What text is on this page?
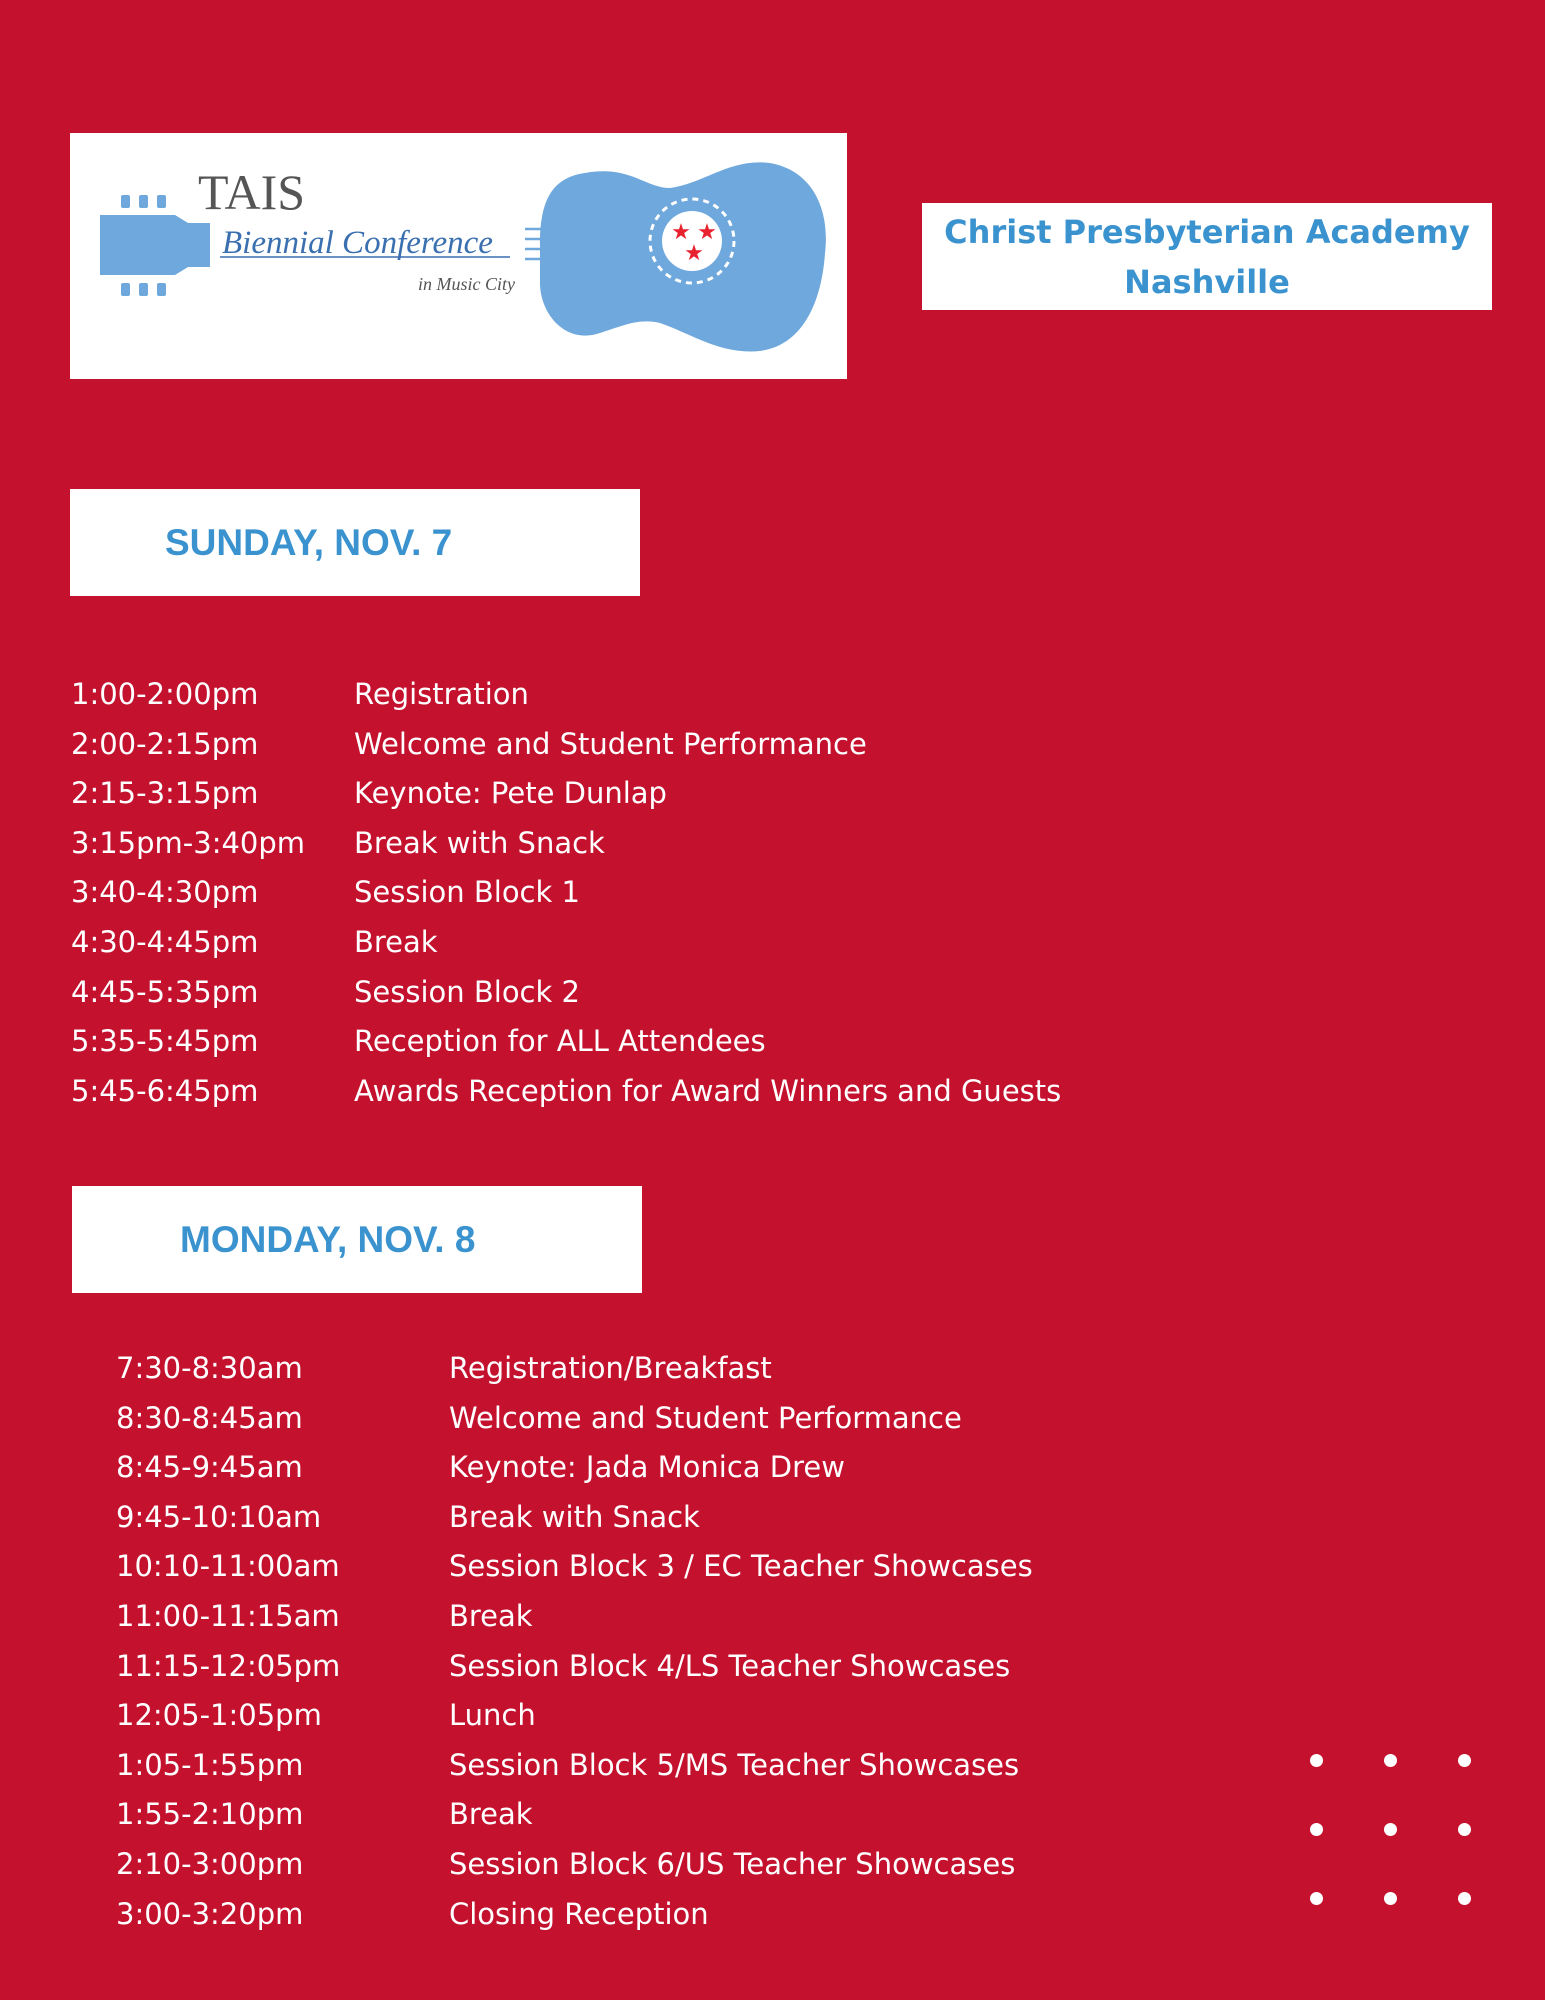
★ ★
★
TAIS
Biennial Conference
in Music City
Christ Presbyterian Academy
Nashville
SUNDAY, NOV. 7
1:00-2:00pm	Registration
2:00-2:15pm	Welcome and Student Performance
2:15-3:15pm	Keynote: Pete Dunlap
3:15pm-3:40pm Break with Snack
3:40-4:30pm	Session Block 1
4:30-4:45pm	Break
4:45-5:35pm	Session Block 2
5:35-5:45pm	Reception for ALL Attendees
5:45-6:45pm	Awards Reception for Award Winners and Guests
MONDAY, NOV. 8
7:30-8:30am	Registration/Breakfast
8:30-8:45am	Welcome and Student Performance
8:45-9:45am	Keynote: Jada Monica Drew
9:45-10:10am	Break with Snack
10:10-11:00am	Session Block 3 / EC Teacher Showcases
11:00-11:15am	Break
11:15-12:05pm	Session Block 4/LS Teacher Showcases
12:05-1:05pm	Lunch
1:05-1:55pm	Session Block 5/MS Teacher Showcases
1:55-2:10pm	Break
2:10-3:00pm	Session Block 6/US Teacher Showcases
3:00-3:20pm	Closing Reception
